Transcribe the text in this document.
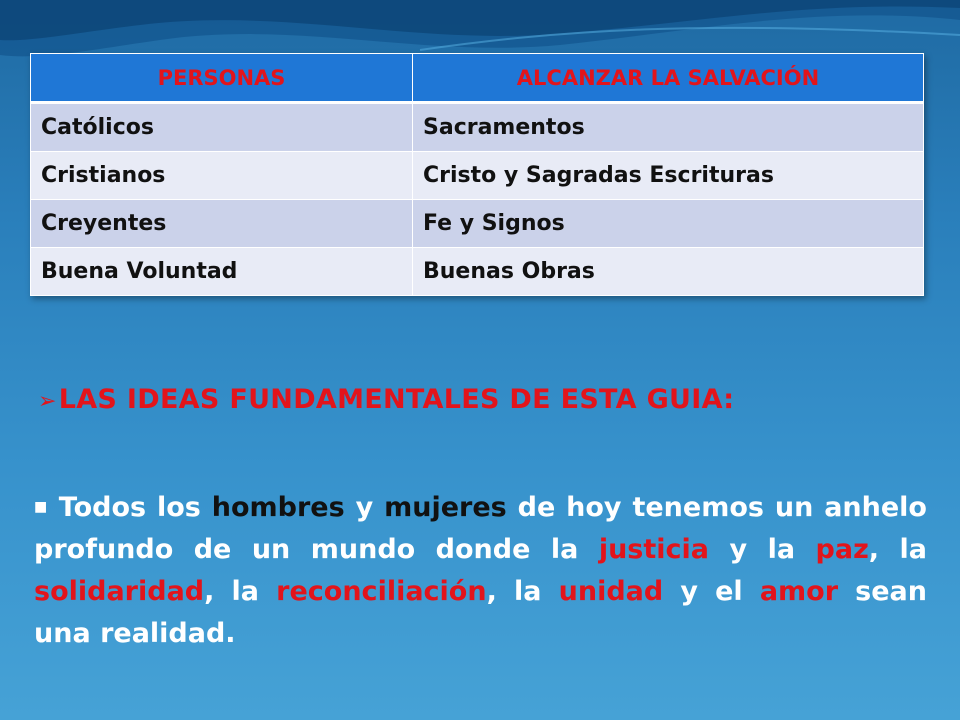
PERSONAS	ALCANZAR LA SALVACIÓN
Católicos	Sacramentos
Cristianos	Cristo y Sagradas Escrituras
Creyentes	Fe y Signos
Buena Voluntad	Buenas Obras
➢LAS IDEAS FUNDAMENTALES DE ESTA GUIA:

■ Todos los hombres y mujeres de hoy tenemos un anhelo profundo de un mundo donde la justicia y la paz, la solidaridad, la reconciliación, la unidad y el amor sean una realidad.
